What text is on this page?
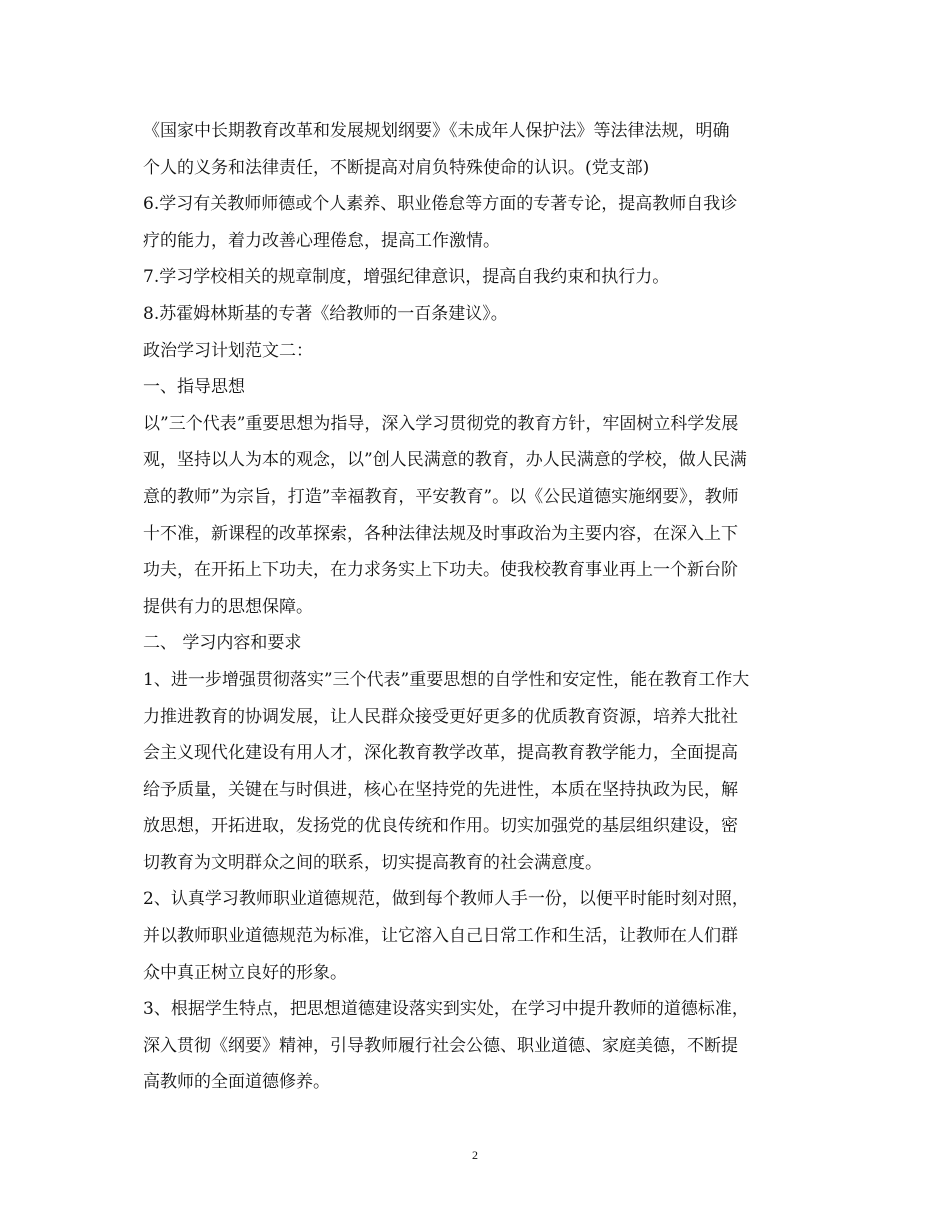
《国家中长期教育改革和发展规划纲要》《未成年人保护法》等法律法规，明确
个人的义务和法律责任，不断提高对肩负特殊使命的认识。(党支部)
6.学习有关教师师德或个人素养、职业倦怠等方面的专著专论，提高教师自我诊
疗的能力，着力改善心理倦怠，提高工作激情。
7.学习学校相关的规章制度，增强纪律意识，提高自我约束和执行力。
8.苏霍姆林斯基的专著《给教师的一百条建议》。
政治学习计划范文二：
一、指导思想
以”三个代表”重要思想为指导，深入学习贯彻党的教育方针，牢固树立科学发展
观，坚持以人为本的观念，以”创人民满意的教育，办人民满意的学校，做人民满
意的教师”为宗旨，打造”幸福教育，平安教育”。以《公民道德实施纲要》，教师
十不准，新课程的改革探索，各种法律法规及时事政治为主要内容，在深入上下
功夫，在开拓上下功夫，在力求务实上下功夫。使我校教育事业再上一个新台阶
提供有力的思想保障。
二、 学习内容和要求
1、进一步增强贯彻落实”三个代表”重要思想的自学性和安定性，能在教育工作大
力推进教育的协调发展，让人民群众接受更好更多的优质教育资源，培养大批社
会主义现代化建设有用人才，深化教育教学改革，提高教育教学能力，全面提高
给予质量，关键在与时俱进，核心在坚持党的先进性，本质在坚持执政为民，解
放思想，开拓进取，发扬党的优良传统和作用。切实加强党的基层组织建设，密
切教育为文明群众之间的联系，切实提高教育的社会满意度。
2、认真学习教师职业道德规范，做到每个教师人手一份，以便平时能时刻对照，
并以教师职业道德规范为标准，让它溶入自己日常工作和生活，让教师在人们群
众中真正树立良好的形象。
3、根据学生特点，把思想道德建设落实到实处，在学习中提升教师的道德标准，
深入贯彻《纲要》精神，引导教师履行社会公德、职业道德、家庭美德，不断提
高教师的全面道德修养。
2
